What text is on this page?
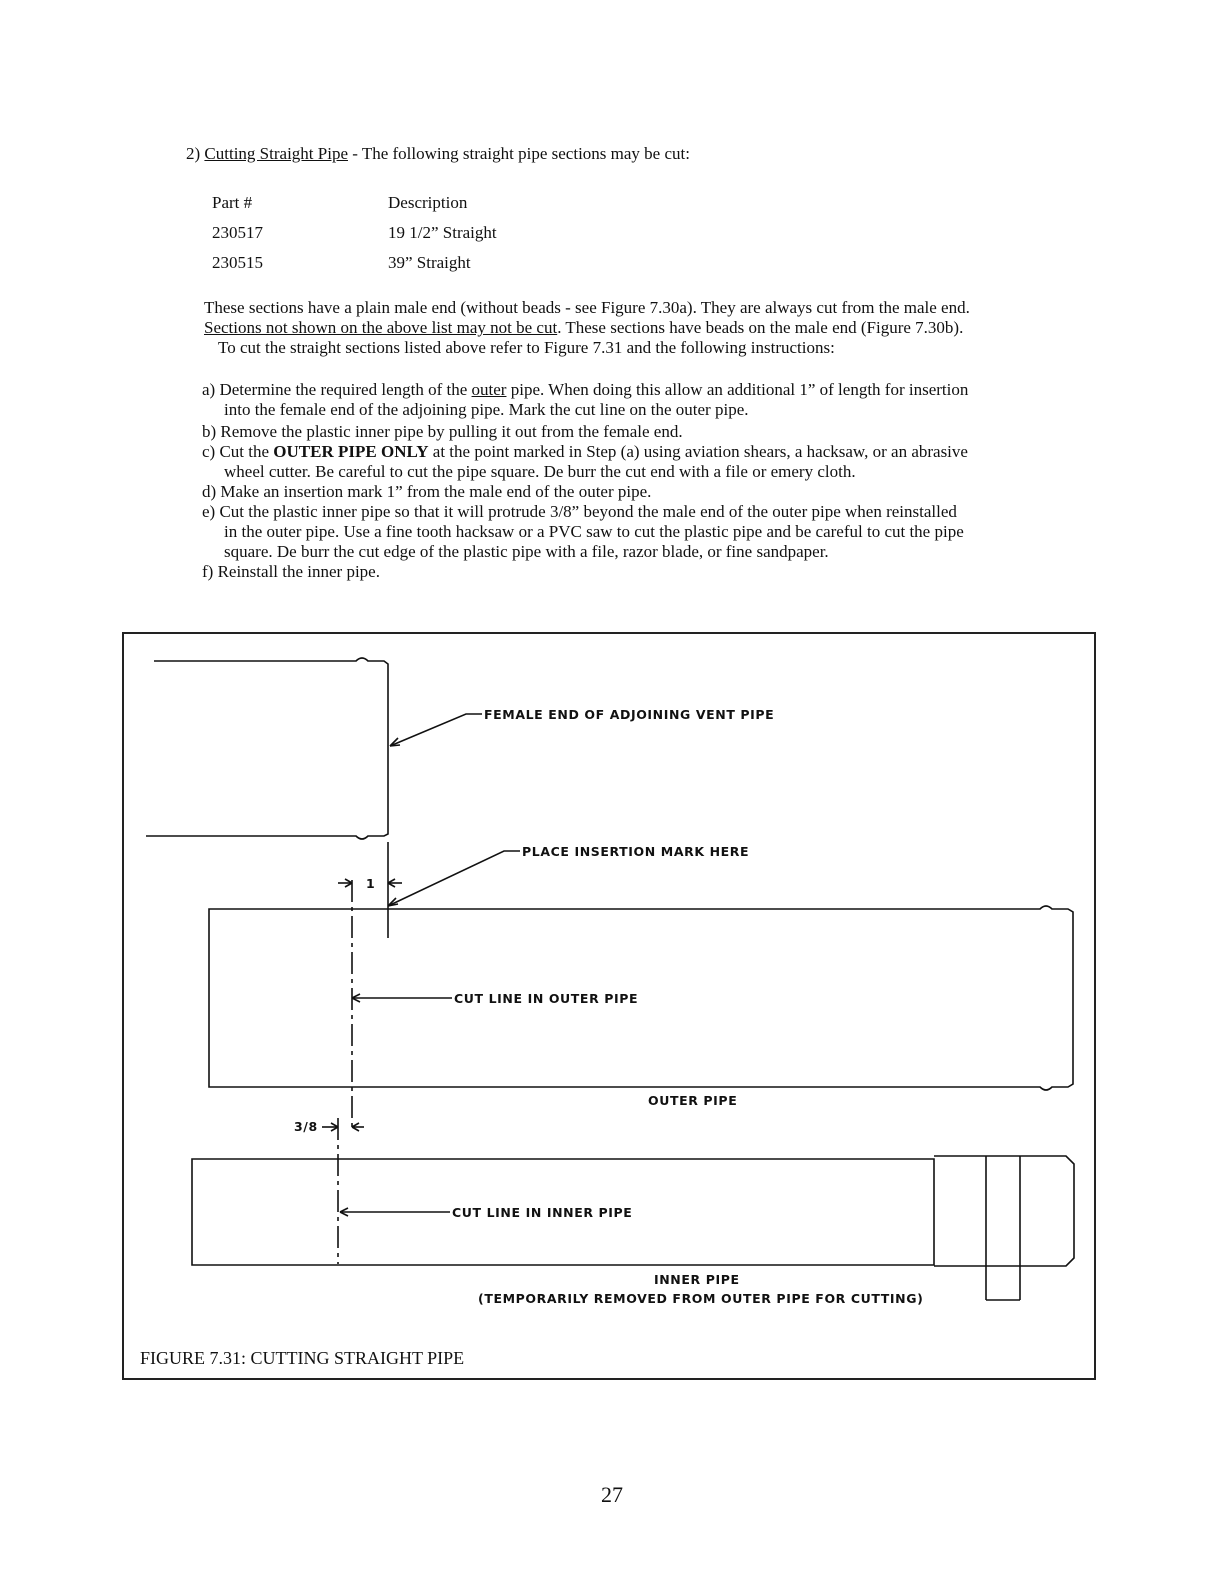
2) Cutting Straight Pipe - The following straight pipe sections may be cut:
Part #	Description
230517	19 1/2” Straight
230515	39” Straight
These sections have a plain male end (without beads - see Figure 7.30a). They are always cut from the male end.
Sections not shown on the above list may not be cut. These sections have beads on the male end (Figure 7.30b).
To cut the straight sections listed above refer to Figure 7.31 and the following instructions:
a) Determine the required length of the outer pipe. When doing this allow an additional 1” of length for insertion
into the female end of the adjoining pipe. Mark the cut line on the outer pipe.
b) Remove the plastic inner pipe by pulling it out from the female end.
c) Cut the OUTER PIPE ONLY at the point marked in Step (a) using aviation shears, a hacksaw, or an abrasive
wheel cutter. Be careful to cut the pipe square. De burr the cut end with a file or emery cloth.
d) Make an insertion mark 1” from the male end of the outer pipe.
e) Cut the plastic inner pipe so that it will protrude 3/8” beyond the male end of the outer pipe when reinstalled
in the outer pipe. Use a fine tooth hacksaw or a PVC saw to cut the plastic pipe and be careful to cut the pipe
square. De burr the cut edge of the plastic pipe with a file, razor blade, or fine sandpaper.
f) Reinstall the inner pipe.
FEMALE END OF ADJOINING VENT PIPE
PLACE INSERTION MARK HERE
1
CUT LINE IN OUTER PIPE
OUTER PIPE
3/8
CUT LINE IN INNER PIPE
INNER PIPE
(TEMPORARILY REMOVED FROM OUTER PIPE FOR CUTTING)
FIGURE 7.31: CUTTING STRAIGHT PIPE
27
